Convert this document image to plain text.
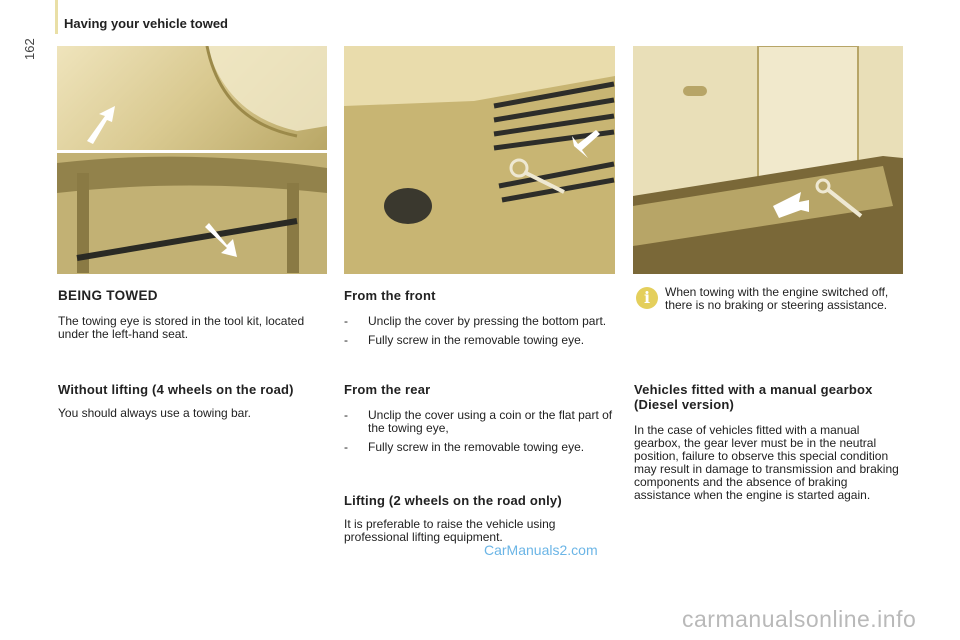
162
Having your vehicle towed
BEING TOWED

The towing eye is stored in the tool kit, located under the left-hand seat.

Without lifting (4 wheels on the road)

You should always use a towing bar.

From the front
- Unclip the cover by pressing the bottom part.
- Fully screw in the removable towing eye.
From the rear
- Unclip the cover using a coin or the flat part of the towing eye,
- Fully screw in the removable towing eye.
Lifting (2 wheels on the road only)

It is preferable to raise the vehicle using professional lifting equipment.

i	When towing with the engine switched off, there is no braking or steering assistance.

Vehicles fitted with a manual gearbox (Diesel version)

In the case of vehicles fitted with a manual gearbox, the gear lever must be in the neutral position, failure to observe this special condition may result in damage to transmission and braking components and the absence of braking assistance when the engine is started again.

CarManuals2.com
carmanualsonline.info
